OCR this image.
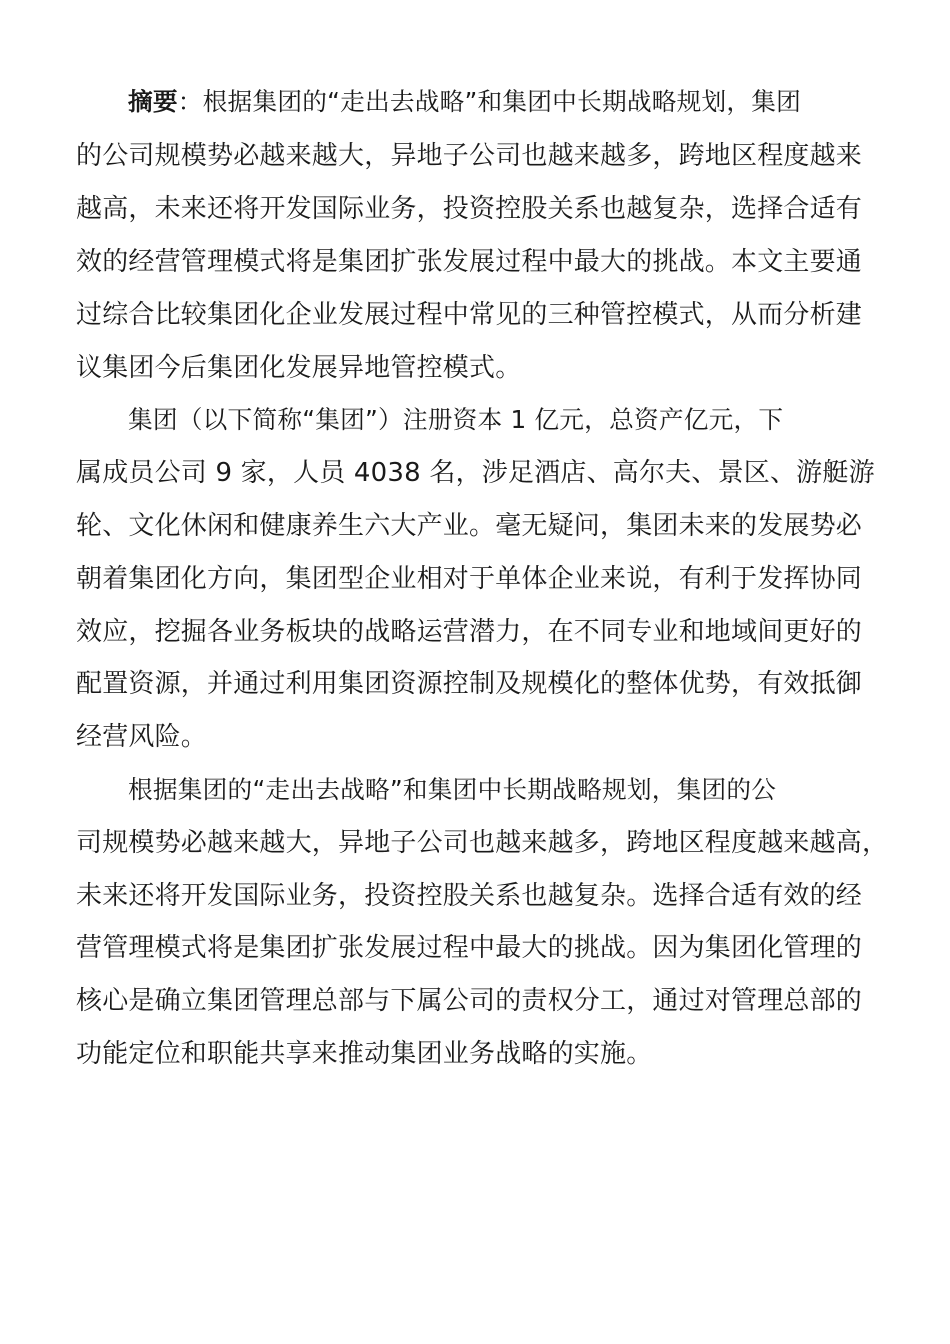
摘要：根据集团的“走出去战略”和集团中长期战略规划，集团
的公司规模势必越来越大，异地子公司也越来越多，跨地区程度越来
越高，未来还将开发国际业务，投资控股关系也越复杂，选择合适有
效的经营管理模式将是集团扩张发展过程中最大的挑战。本文主要通
过综合比较集团化企业发展过程中常见的三种管控模式，从而分析建
议集团今后集团化发展异地管控模式。
集团（以下简称“集团”）注册资本 1 亿元，总资产亿元，下
属成员公司 9 家，人员 4038 名，涉足酒店、高尔夫、景区、游艇游
轮、文化休闲和健康养生六大产业。毫无疑问，集团未来的发展势必
朝着集团化方向，集团型企业相对于单体企业来说，有利于发挥协同
效应，挖掘各业务板块的战略运营潜力，在不同专业和地域间更好的
配置资源，并通过利用集团资源控制及规模化的整体优势，有效抵御
经营风险。
根据集团的“走出去战略”和集团中长期战略规划，集团的公
司规模势必越来越大，异地子公司也越来越多，跨地区程度越来越高，
未来还将开发国际业务，投资控股关系也越复杂。选择合适有效的经
营管理模式将是集团扩张发展过程中最大的挑战。因为集团化管理的
核心是确立集团管理总部与下属公司的责权分工，通过对管理总部的
功能定位和职能共享来推动集团业务战略的实施。
